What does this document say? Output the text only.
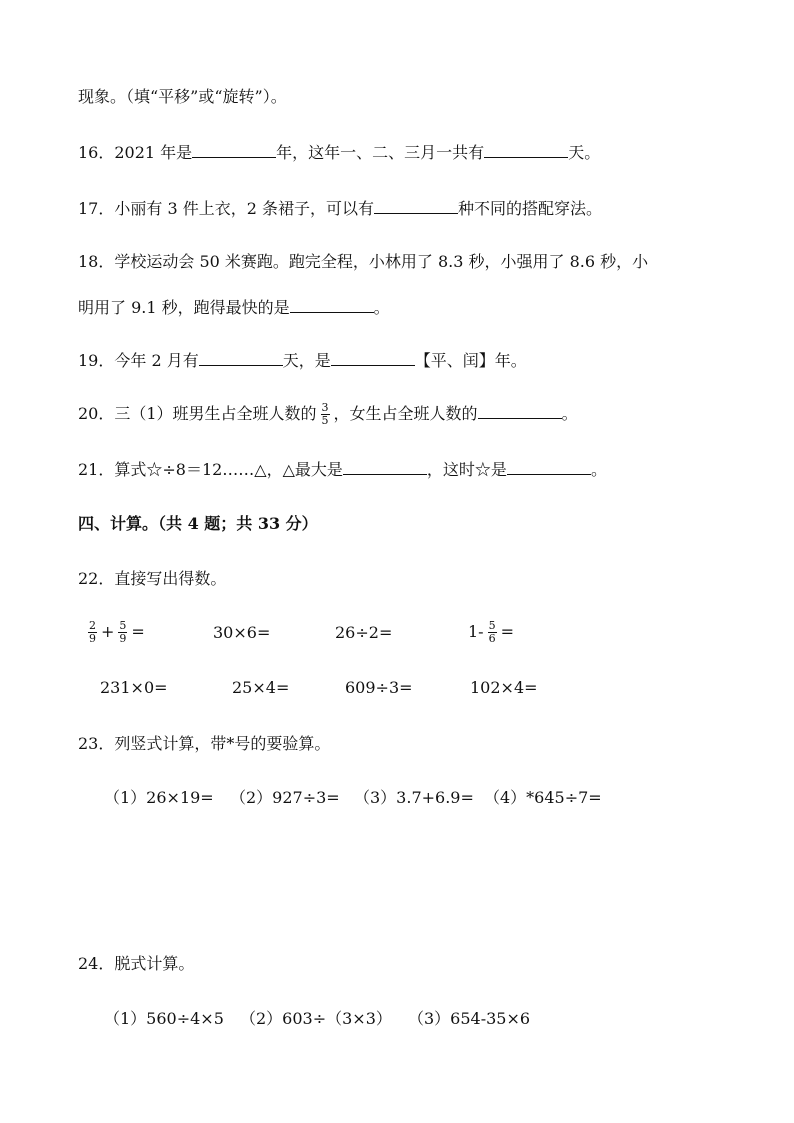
现象。（填“平移”或“旋转”）。
16．2021 年是	年，这年一、二、三月一共有	天。
17．小丽有 3 件上衣，2 条裙子，可以有	种不同的搭配穿法。
18．学校运动会 50 米赛跑。跑完全程，小林用了 8.3 秒，小强用了 8.6 秒，小
明用了 9.1 秒，跑得最快的是	。
19．今年 2 月有	天，是	【平、闰】年。
20．三（1）班男生占全班人数的 $\frac{3}{5}$ ，女生占全班人数的	。
21．算式☆÷8＝12……△，△最大是	，这时☆是	。
四、计算。（共 4 题；共 33 分）
22．直接写出得数。
$\frac{2}{9} + \frac{5}{9}$ =	30×6=	26÷2=	$1- \frac{5}{6}$ =
231×0=	25×4=	609÷3=	102×4=
23．列竖式计算，带*号的要验算。
（1）26×19= （2）927÷3= （3）3.7+6.9= （4）*645÷7=
24．脱式计算。
（1）560÷4×5 （2）603÷（3×3） （3）654-35×6
